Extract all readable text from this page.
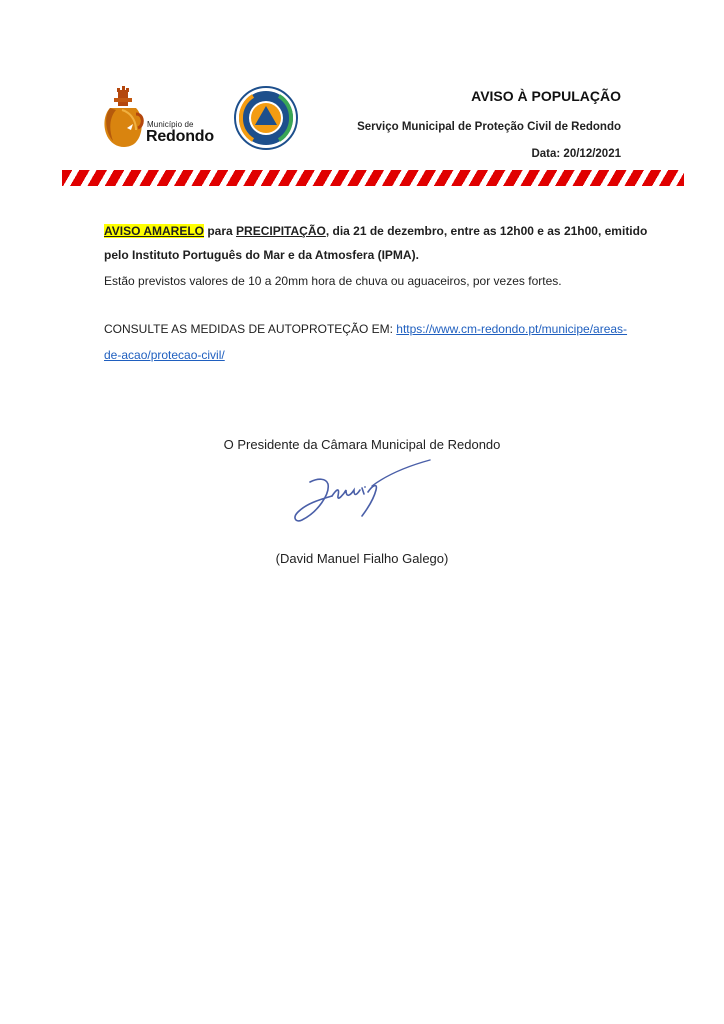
Município de
Redondo
AVISO À POPULAÇÃO
Serviço Municipal de Proteção Civil de Redondo
Data: 20/12/2021
AVISO AMARELO para PRECIPITAÇÃO, dia 21 de dezembro, entre as 12h00 e as 21h00, emitido
pelo Instituto Português do Mar e da Atmosfera (IPMA).
Estão previstos valores de 10 a 20mm hora de chuva ou aguaceiros, por vezes fortes.
CONSULTE AS MEDIDAS DE AUTOPROTEÇÃO EM: https://www.cm-redondo.pt/municipe/areas-
de-acao/protecao-civil/
O Presidente da Câmara Municipal de Redondo
(David Manuel Fialho Galego)
